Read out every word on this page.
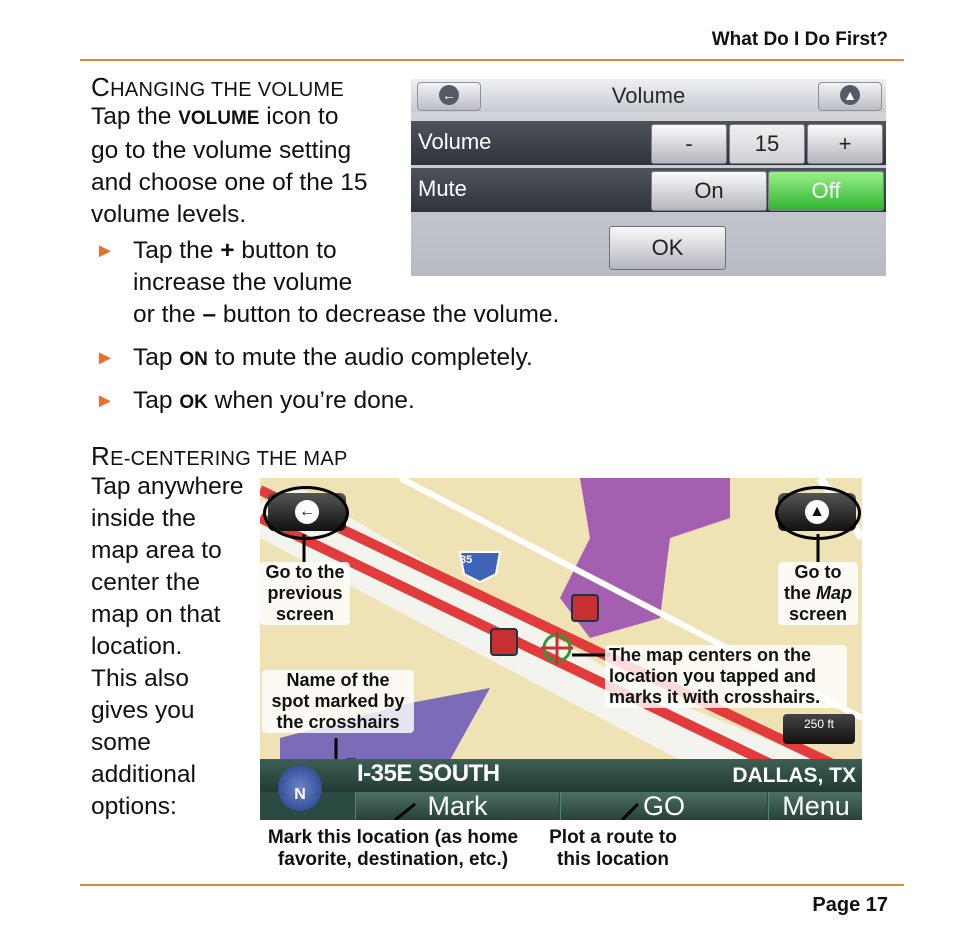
What Do I Do First?
CHANGING THE VOLUME
Tap the VOLUME icon to
go to the volume setting
and choose one of the 15
volume levels.
► Tap the + button to
increase the volume
or the – button to decrease the volume.
► Tap ON to mute the audio completely.
► Tap OK when you’re done.
←	Volume	▲
Volume	-	15	+
Mute	On	Off
OK
RE-CENTERING THE MAP
Tap anywhere
inside the
map area to
center the
map on that
location.
This also
gives you
some
additional
options:
35
←	▲
Go to the
previous
screen
Go to
the Map
screen
The map centers on the
location you tapped and
marks it with crosshairs.
Name of the
spot marked by
the crosshairs	250 ft
I-35E SOUTH	DALLAS, TX
N	Mark	GO	Menu
Mark this location (as home
favorite, destination, etc.)
Plot a route to
this location
Page 17
